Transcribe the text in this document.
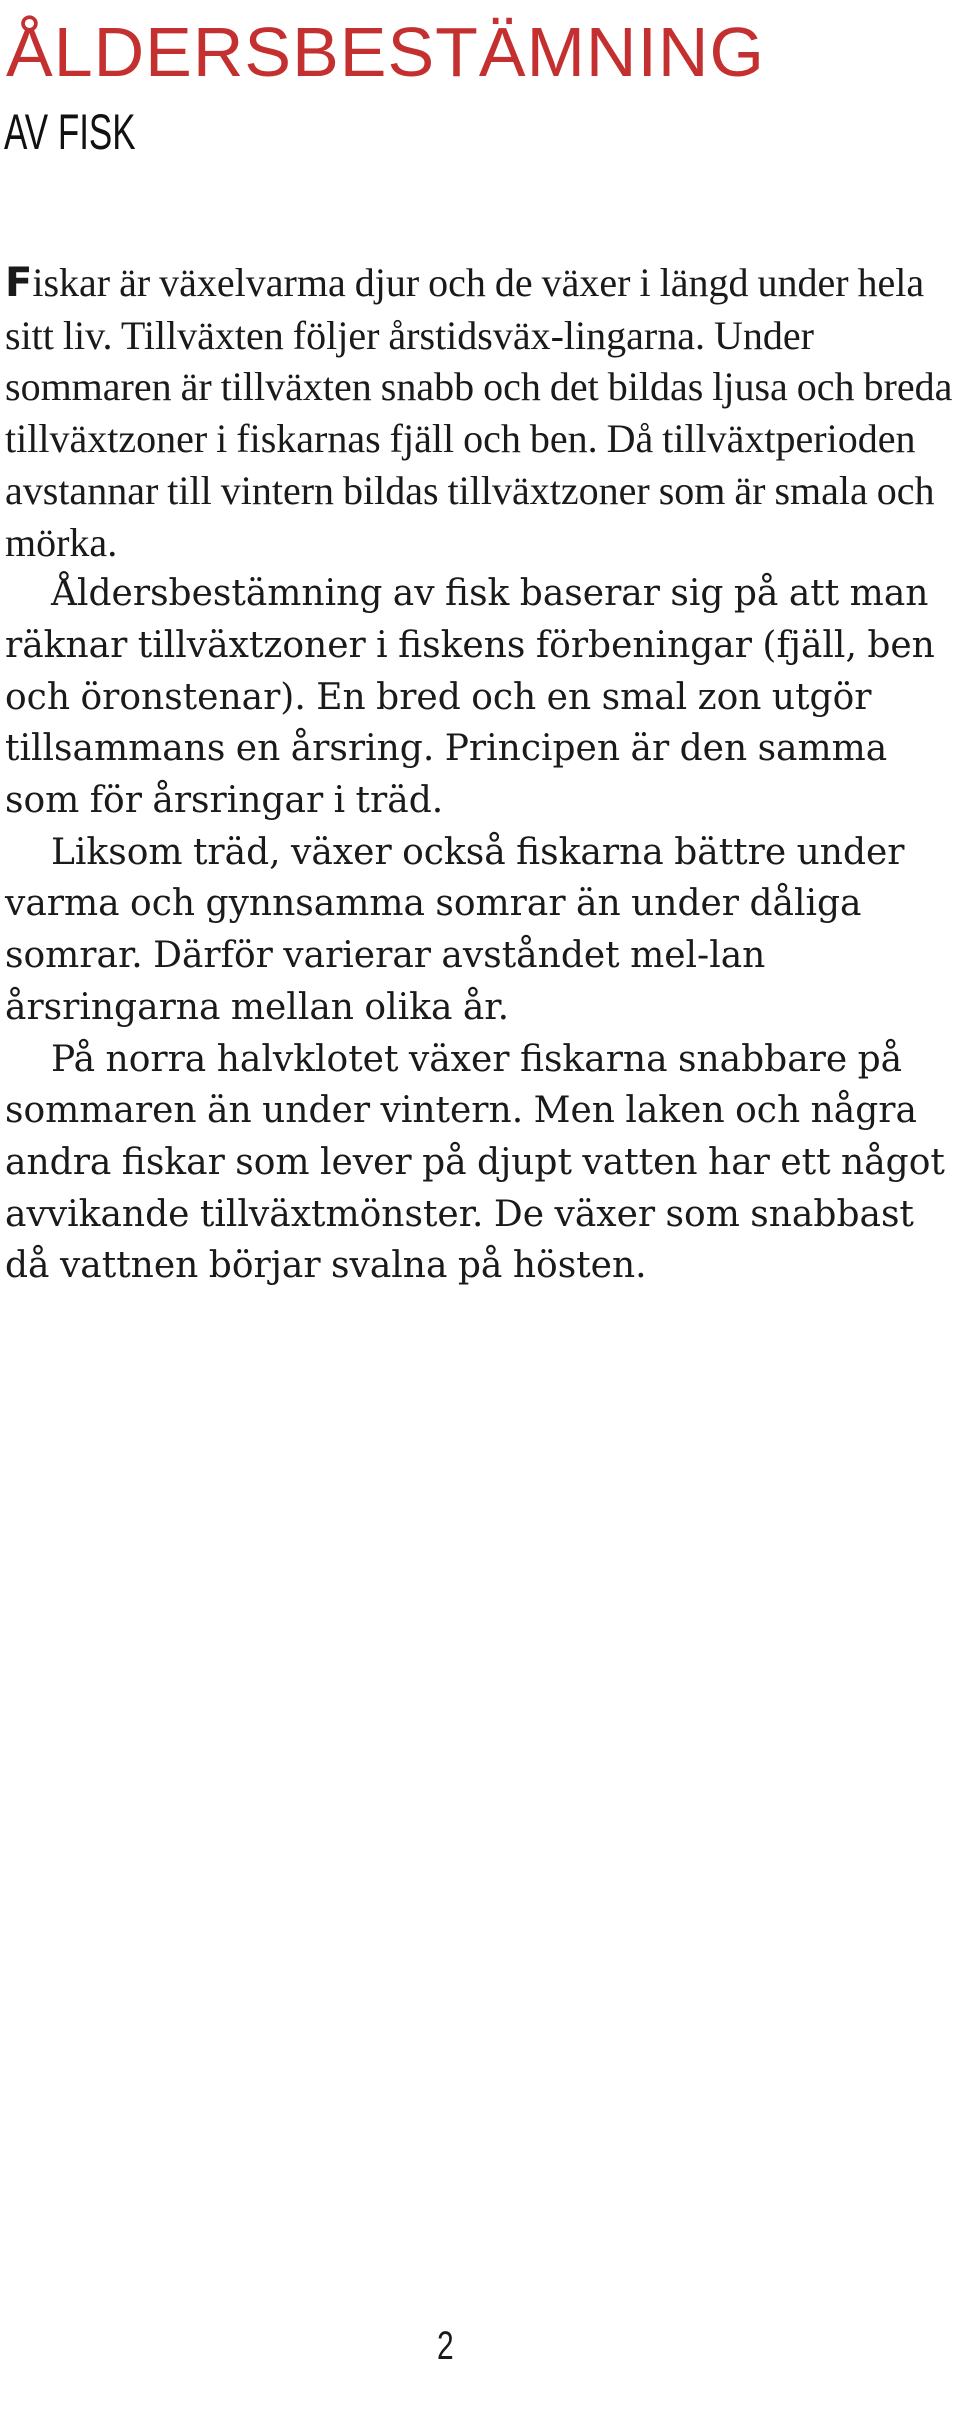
ÅLDERSBESTÄMNING
AV FISK

Fiskar är växelvarma djur och de växer i längd under hela sitt liv. Tillväxten följer årstidsväx-lingarna. Under sommaren är tillväxten snabb och det bildas ljusa och breda tillväxtzoner i fiskarnas fjäll och ben. Då tillväxtperioden avstannar till vintern bildas tillväxtzoner som är smala och mörka.

Åldersbestämning av fisk baserar sig på att man räknar tillväxtzoner i fiskens förbeningar (fjäll, ben och öronstenar). En bred och en smal zon utgör tillsammans en årsring. Principen är den samma som för årsringar i träd.

Liksom träd, växer också fiskarna bättre under varma och gynnsamma somrar än under dåliga somrar. Därför varierar avståndet mel-lan årsringarna mellan olika år.

På norra halvklotet växer fiskarna snabbare på sommaren än under vintern. Men laken och några andra fiskar som lever på djupt vatten har ett något avvikande tillväxtmönster. De växer som snabbast då vattnen börjar svalna på hösten.

2
